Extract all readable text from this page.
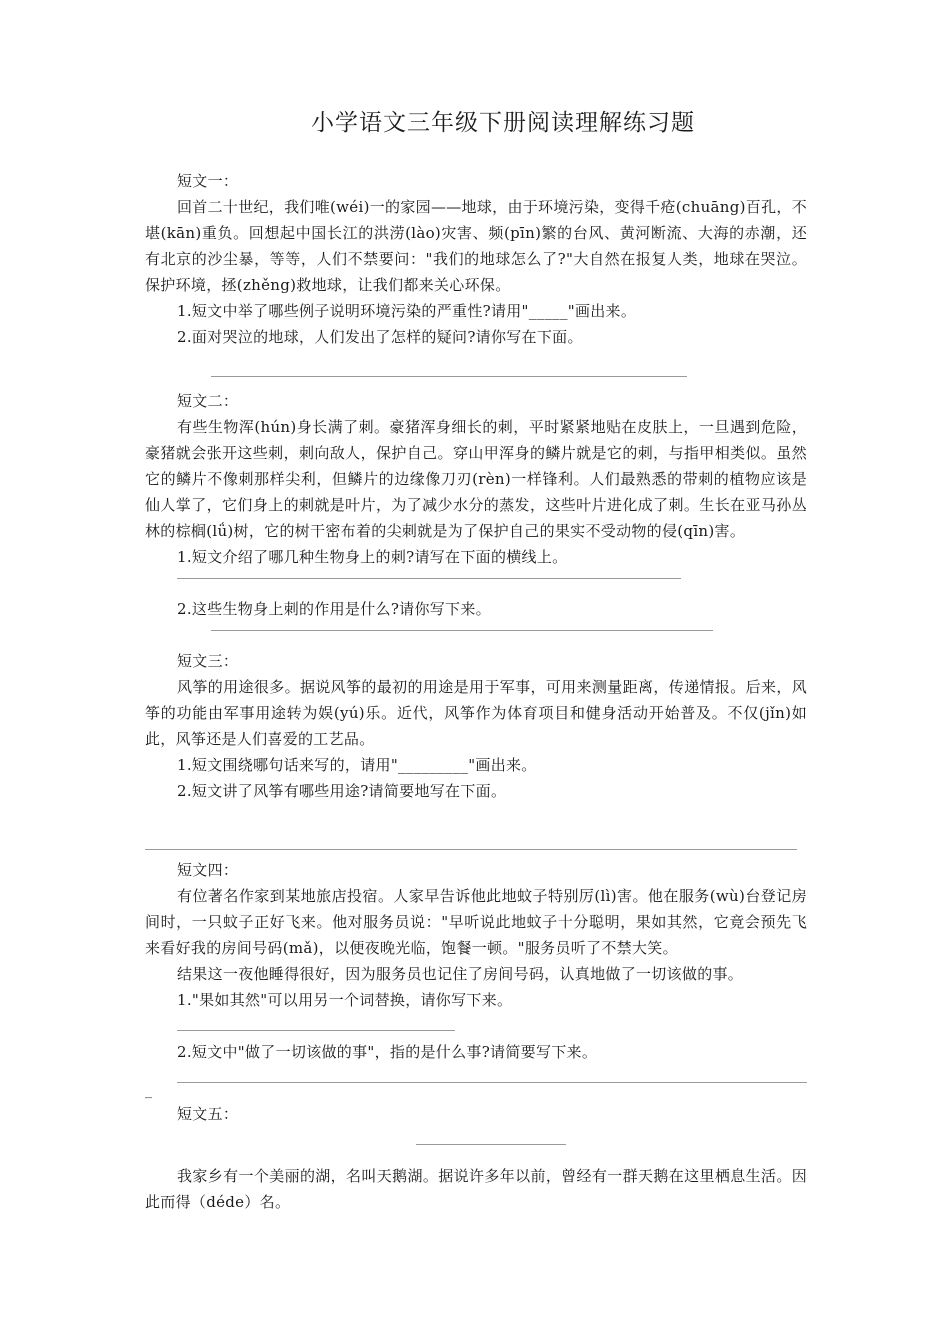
小学语文三年级下册阅读理解练习题

短文一：

回首二十世纪，我们唯(wéi)一的家园——地球，由于环境污染，变得千疮(chuāng)百孔，不堪(kān)重负。回想起中国长江的洪涝(lào)灾害、频(pīn)繁的台风、黄河断流、大海的赤潮，还有北京的沙尘暴，等等，人们不禁要问："我们的地球怎么了?"大自然在报复人类，地球在哭泣。保护环境，拯(zhěng)救地球，让我们都来关心环保。

1.短文中举了哪些例子说明环境污染的严重性?请用"_____"画出来。

2.面对哭泣的地球，人们发出了怎样的疑问?请你写在下面。

短文二：

有些生物浑(hún)身长满了刺。豪猪浑身细长的刺，平时紧紧地贴在皮肤上，一旦遇到危险，豪猪就会张开这些刺，刺向敌人，保护自己。穿山甲浑身的鳞片就是它的刺，与指甲相类似。虽然它的鳞片不像刺那样尖利，但鳞片的边缘像刀刃(rèn)一样锋利。人们最熟悉的带刺的植物应该是仙人掌了，它们身上的刺就是叶片，为了减少水分的蒸发，这些叶片进化成了刺。生长在亚马孙丛林的棕榈(lǘ)树，它的树干密布着的尖刺就是为了保护自己的果实不受动物的侵(qīn)害。

1.短文介绍了哪几种生物身上的刺?请写在下面的横线上。

2.这些生物身上刺的作用是什么?请你写下来。

短文三：

风筝的用途很多。据说风筝的最初的用途是用于军事，可用来测量距离，传递情报。后来，风筝的功能由军事用途转为娱(yú)乐。近代，风筝作为体育项目和健身活动开始普及。不仅(jǐn)如此，风筝还是人们喜爱的工艺品。

1.短文围绕哪句话来写的，请用"_________"画出来。

2.短文讲了风筝有哪些用途?请简要地写在下面。

短文四：

有位著名作家到某地旅店投宿。人家早告诉他此地蚊子特别厉(lì)害。他在服务(wù)台登记房间时，一只蚊子正好飞来。他对服务员说："早听说此地蚊子十分聪明，果如其然，它竟会预先飞来看好我的房间号码(mǎ)，以便夜晚光临，饱餐一顿。"服务员听了不禁大笑。

结果这一夜他睡得很好，因为服务员也记住了房间号码，认真地做了一切该做的事。

1."果如其然"可以用另一个词替换，请你写下来。

2.短文中"做了一切该做的事"，指的是什么事?请简要写下来。

_

短文五：

我家乡有一个美丽的湖，名叫天鹅湖。据说许多年以前，曾经有一群天鹅在这里栖息生活。因此而得（déde）名。
